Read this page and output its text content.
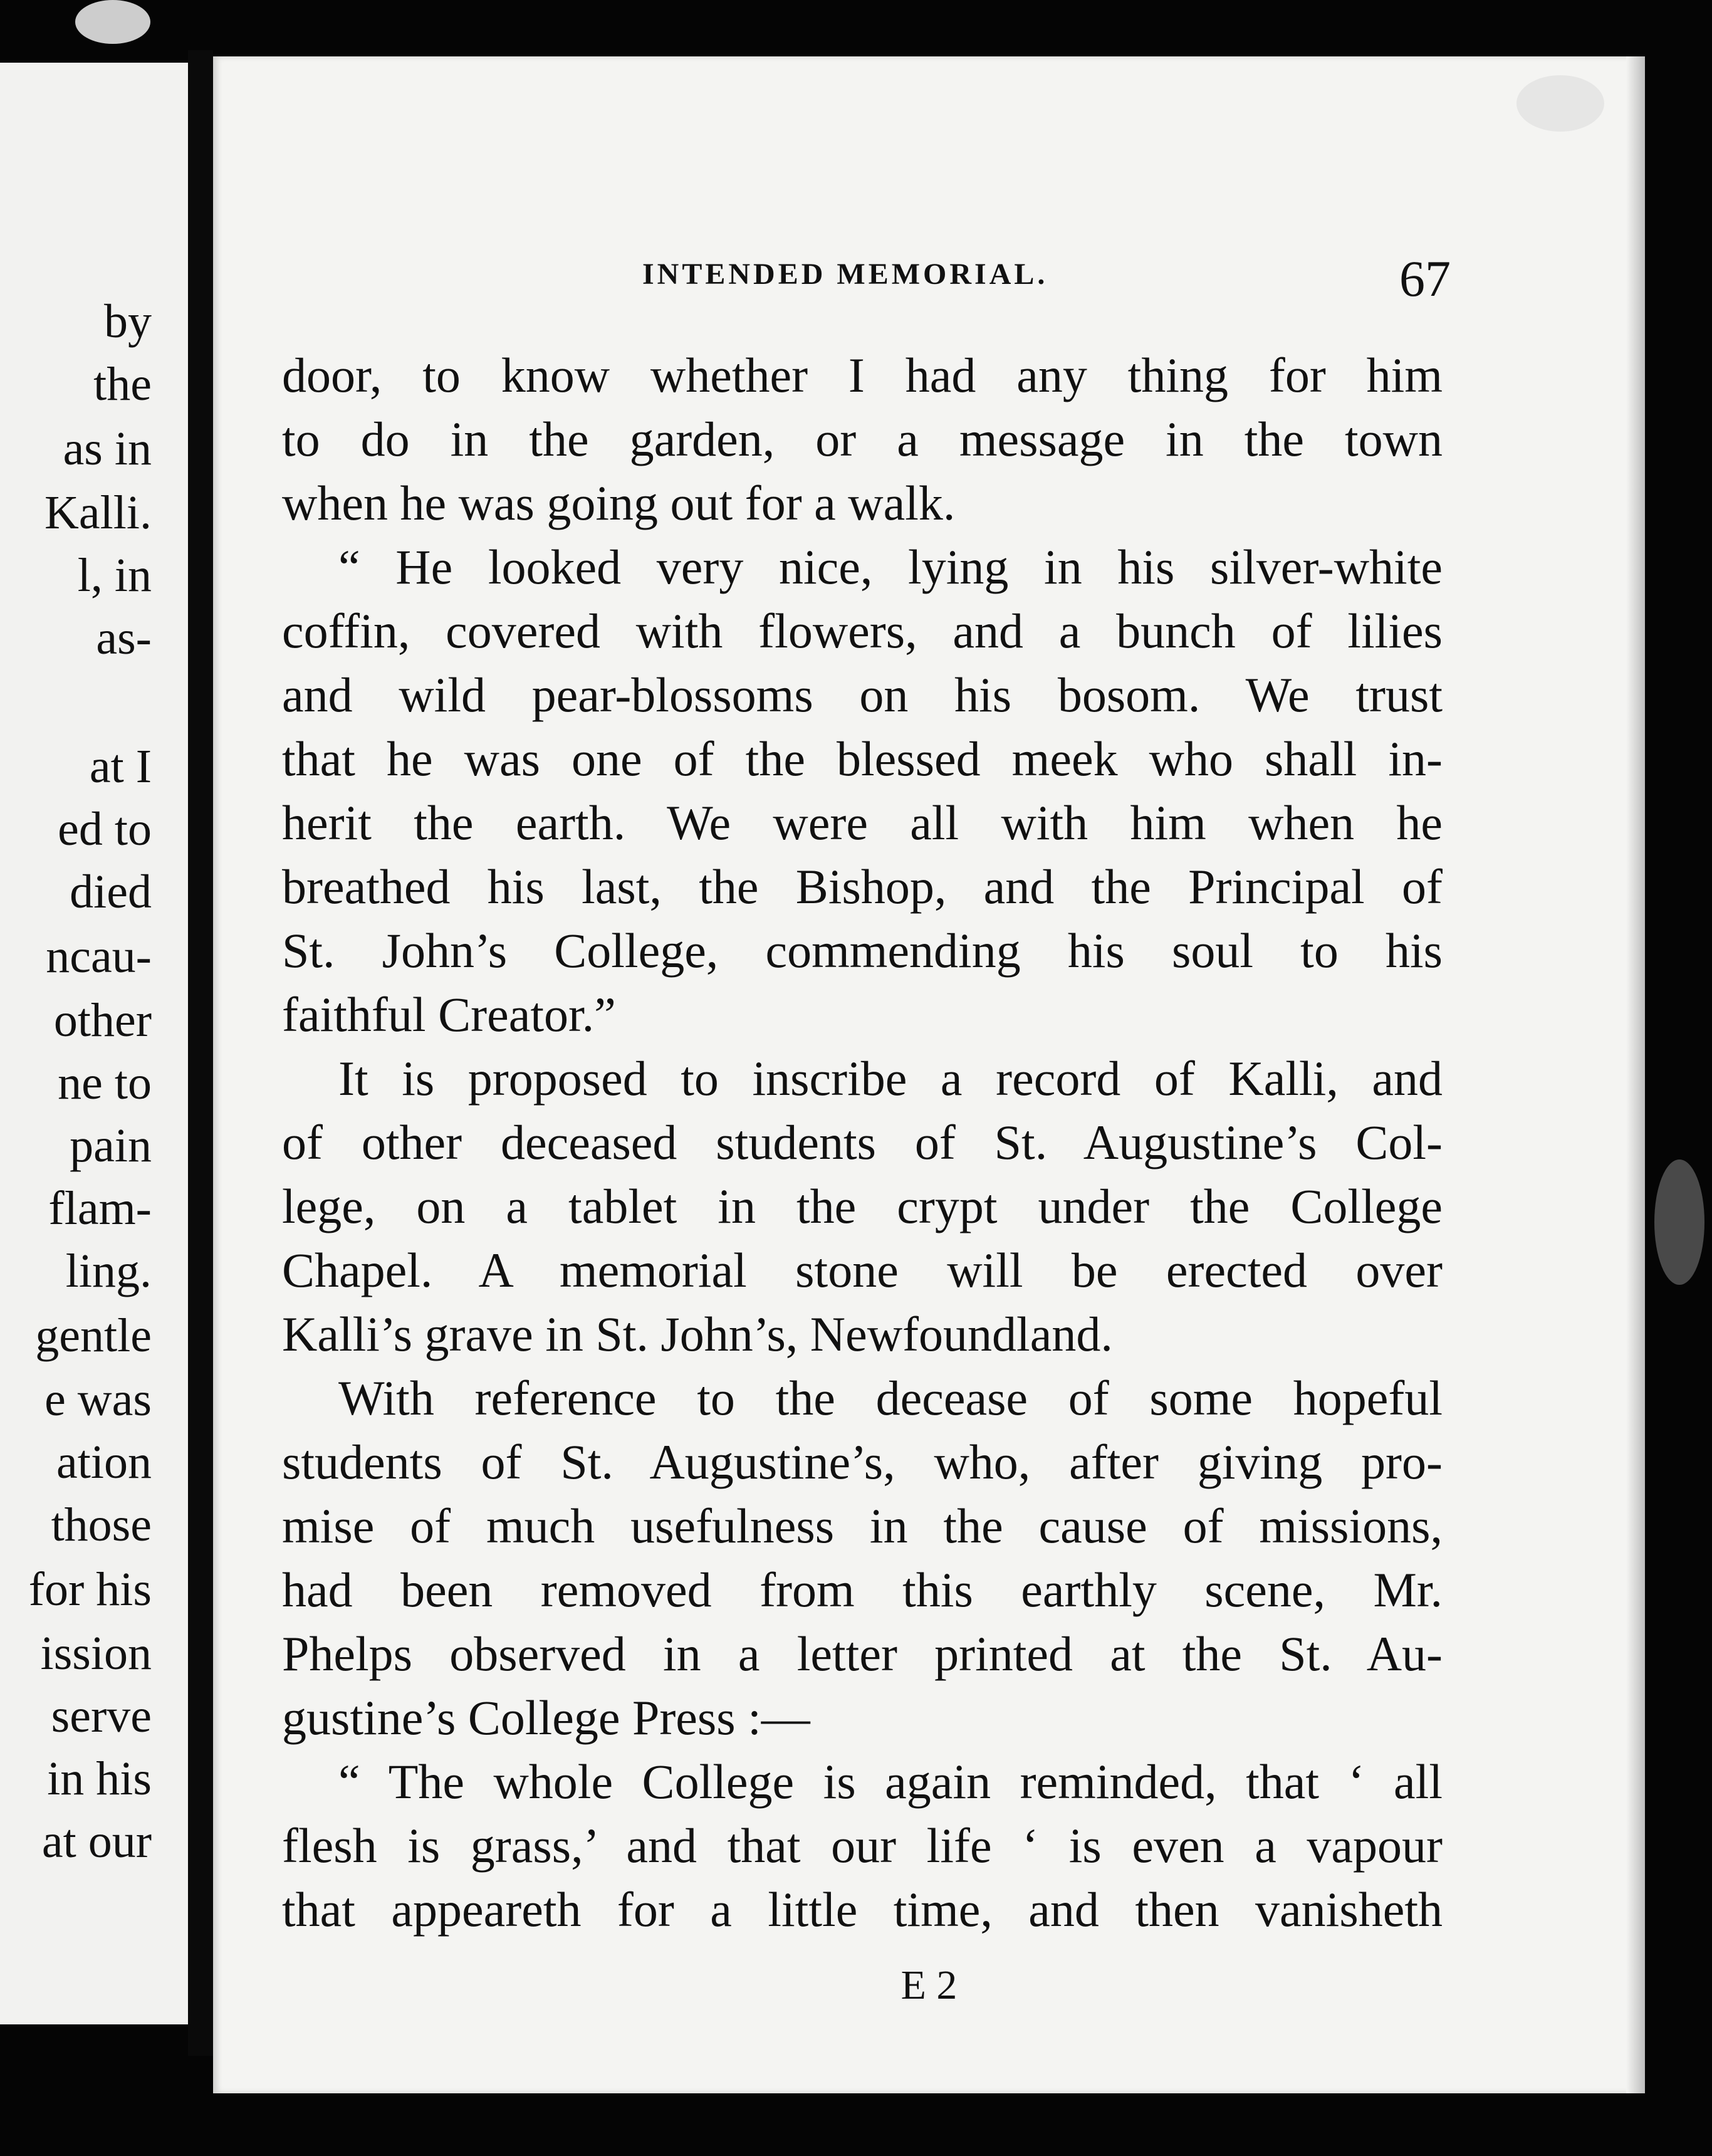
by
the
as in
Kalli.
l, in
as-
at I
ed to
died
ncau-
other
ne to
pain
flam-
ling.
gentle
e was
ation
those
for his
ission
serve
in his
at our
INTENDED MEMORIAL.	67
door, to know whether I had any thing for him
to do in the garden, or a message in the town
when he was going out for a walk.
“ He looked very nice, lying in his silver-white
coffin, covered with flowers, and a bunch of lilies
and wild pear-blossoms on his bosom. We trust
that he was one of the blessed meek who shall in-
herit the earth. We were all with him when he
breathed his last, the Bishop, and the Principal of
St. John’s College, commending his soul to his
faithful Creator.”
It is proposed to inscribe a record of Kalli, and
of other deceased students of St. Augustine’s Col-
lege, on a tablet in the crypt under the College
Chapel. A memorial stone will be erected over
Kalli’s grave in St. John’s, Newfoundland.
With reference to the decease of some hopeful
students of St. Augustine’s, who, after giving pro-
mise of much usefulness in the cause of missions,
had been removed from this earthly scene, Mr.
Phelps observed in a letter printed at the St. Au-
gustine’s College Press :—
“ The whole College is again reminded, that ‘ all
flesh is grass,’ and that our life ‘ is even a vapour
that appeareth for a little time, and then vanisheth
E 2
